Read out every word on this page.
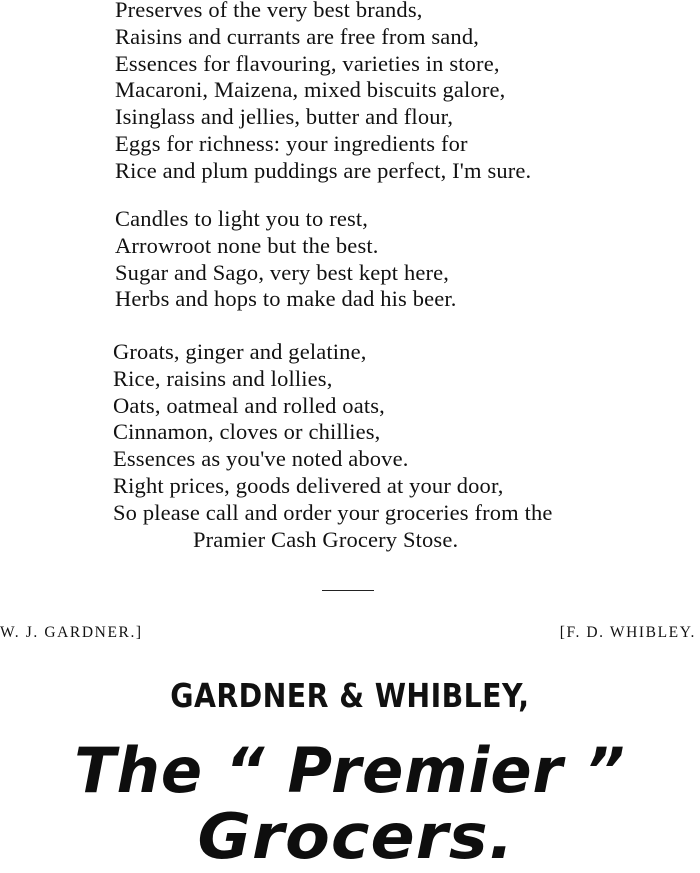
Preserves of the very best brands,
Raisins and currants are free from sand,
Essences for flavouring, varieties in store,
Macaroni, Maizena, mixed biscuits galore,
Isinglass and jellies, butter and flour,
Eggs for richness: your ingredients for
Rice and plum puddings are perfect, I'm sure.
Candles to light you to rest,
Arrowroot none but the best.
Sugar and Sago, very best kept here,
Herbs and hops to make dad his beer.
Groats, ginger and gelatine,
Rice, raisins and lollies,
Oats, oatmeal and rolled oats,
Cinnamon, cloves or chillies,
Essences as you've noted above.
Right prices, goods delivered at your door,
So please call and order your groceries from the
Pramier Cash Grocery Stose.
W. J. GARDNER.]	[F. D. WHIBLEY.
GARDNER & WHIBLEY,
The “ Premier ”
Grocers.
